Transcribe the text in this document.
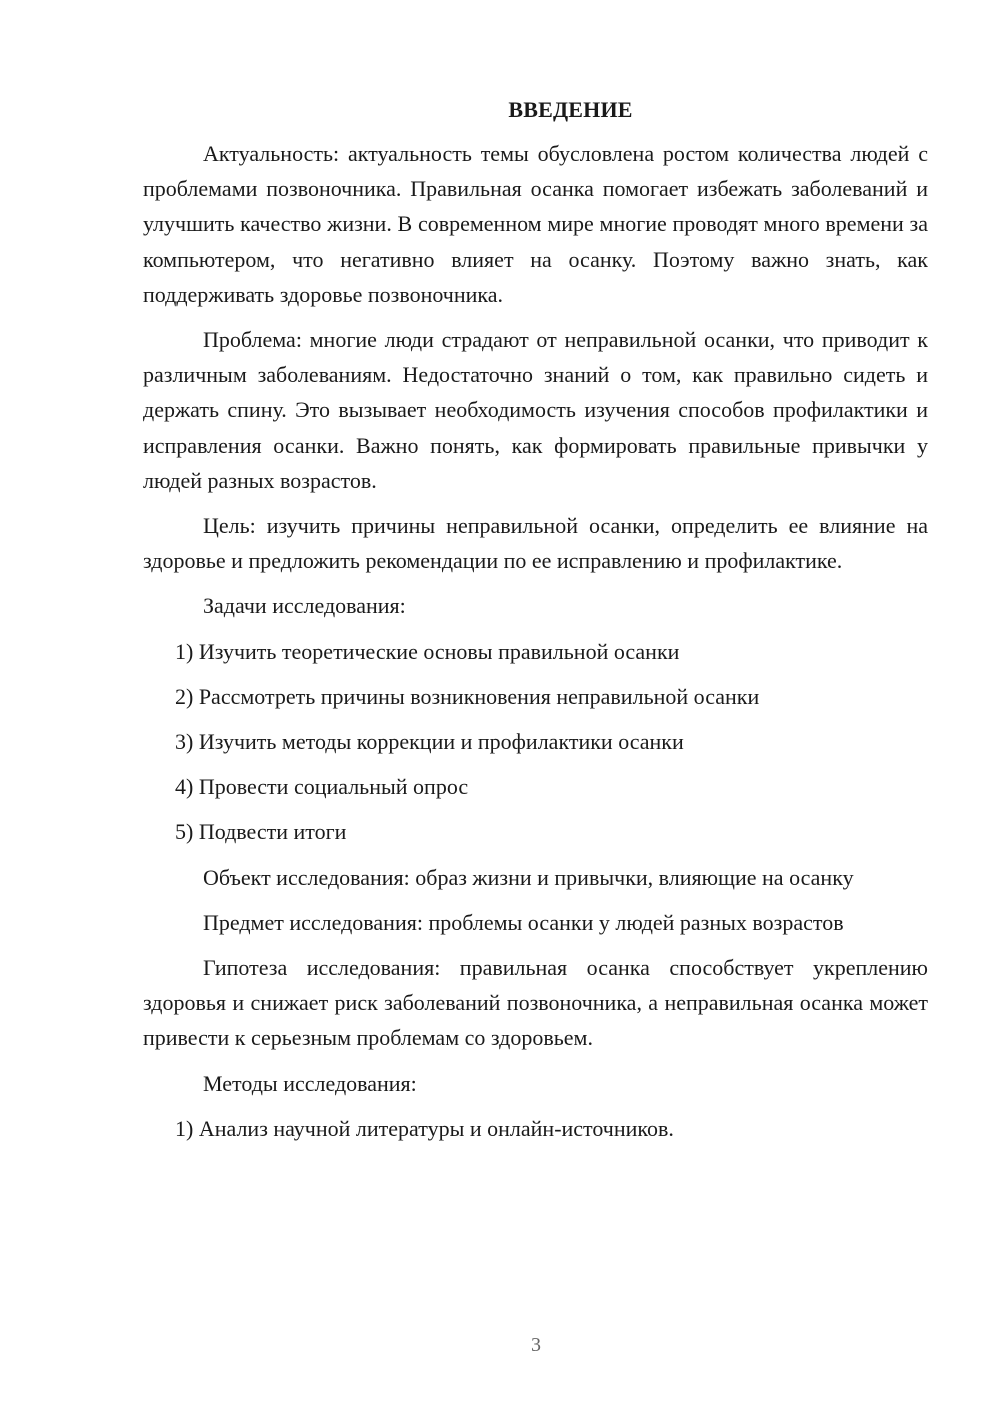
ВВЕДЕНИЕ

Актуальность: актуальность темы обусловлена ростом количества людей с проблемами позвоночника. Правильная осанка помогает избежать заболеваний и улучшить качество жизни. В современном мире многие проводят много времени за компьютером, что негативно влияет на осанку. Поэтому важно знать, как поддерживать здоровье позвоночника.

Проблема: многие люди страдают от неправильной осанки, что приводит к различным заболеваниям. Недостаточно знаний о том, как правильно сидеть и держать спину. Это вызывает необходимость изучения способов профилактики и исправления осанки. Важно понять, как формировать правильные привычки у людей разных возрастов.

Цель: изучить причины неправильной осанки, определить ее влияние на здоровье и предложить рекомендации по ее исправлению и профилактике.

Задачи исследования:

1) Изучить теоретические основы правильной осанки
2) Рассмотреть причины возникновения неправильной осанки
3) Изучить методы коррекции и профилактики осанки
4) Провести социальный опрос
5) Подвести итоги

Объект исследования: образ жизни и привычки, влияющие на осанку

Предмет исследования: проблемы осанки у людей разных возрастов

Гипотеза исследования: правильная осанка способствует укреплению здоровья и снижает риск заболеваний позвоночника, а неправильная осанка может привести к серьезным проблемам со здоровьем.

Методы исследования:

1) Анализ научной литературы и онлайн-источников.
3
